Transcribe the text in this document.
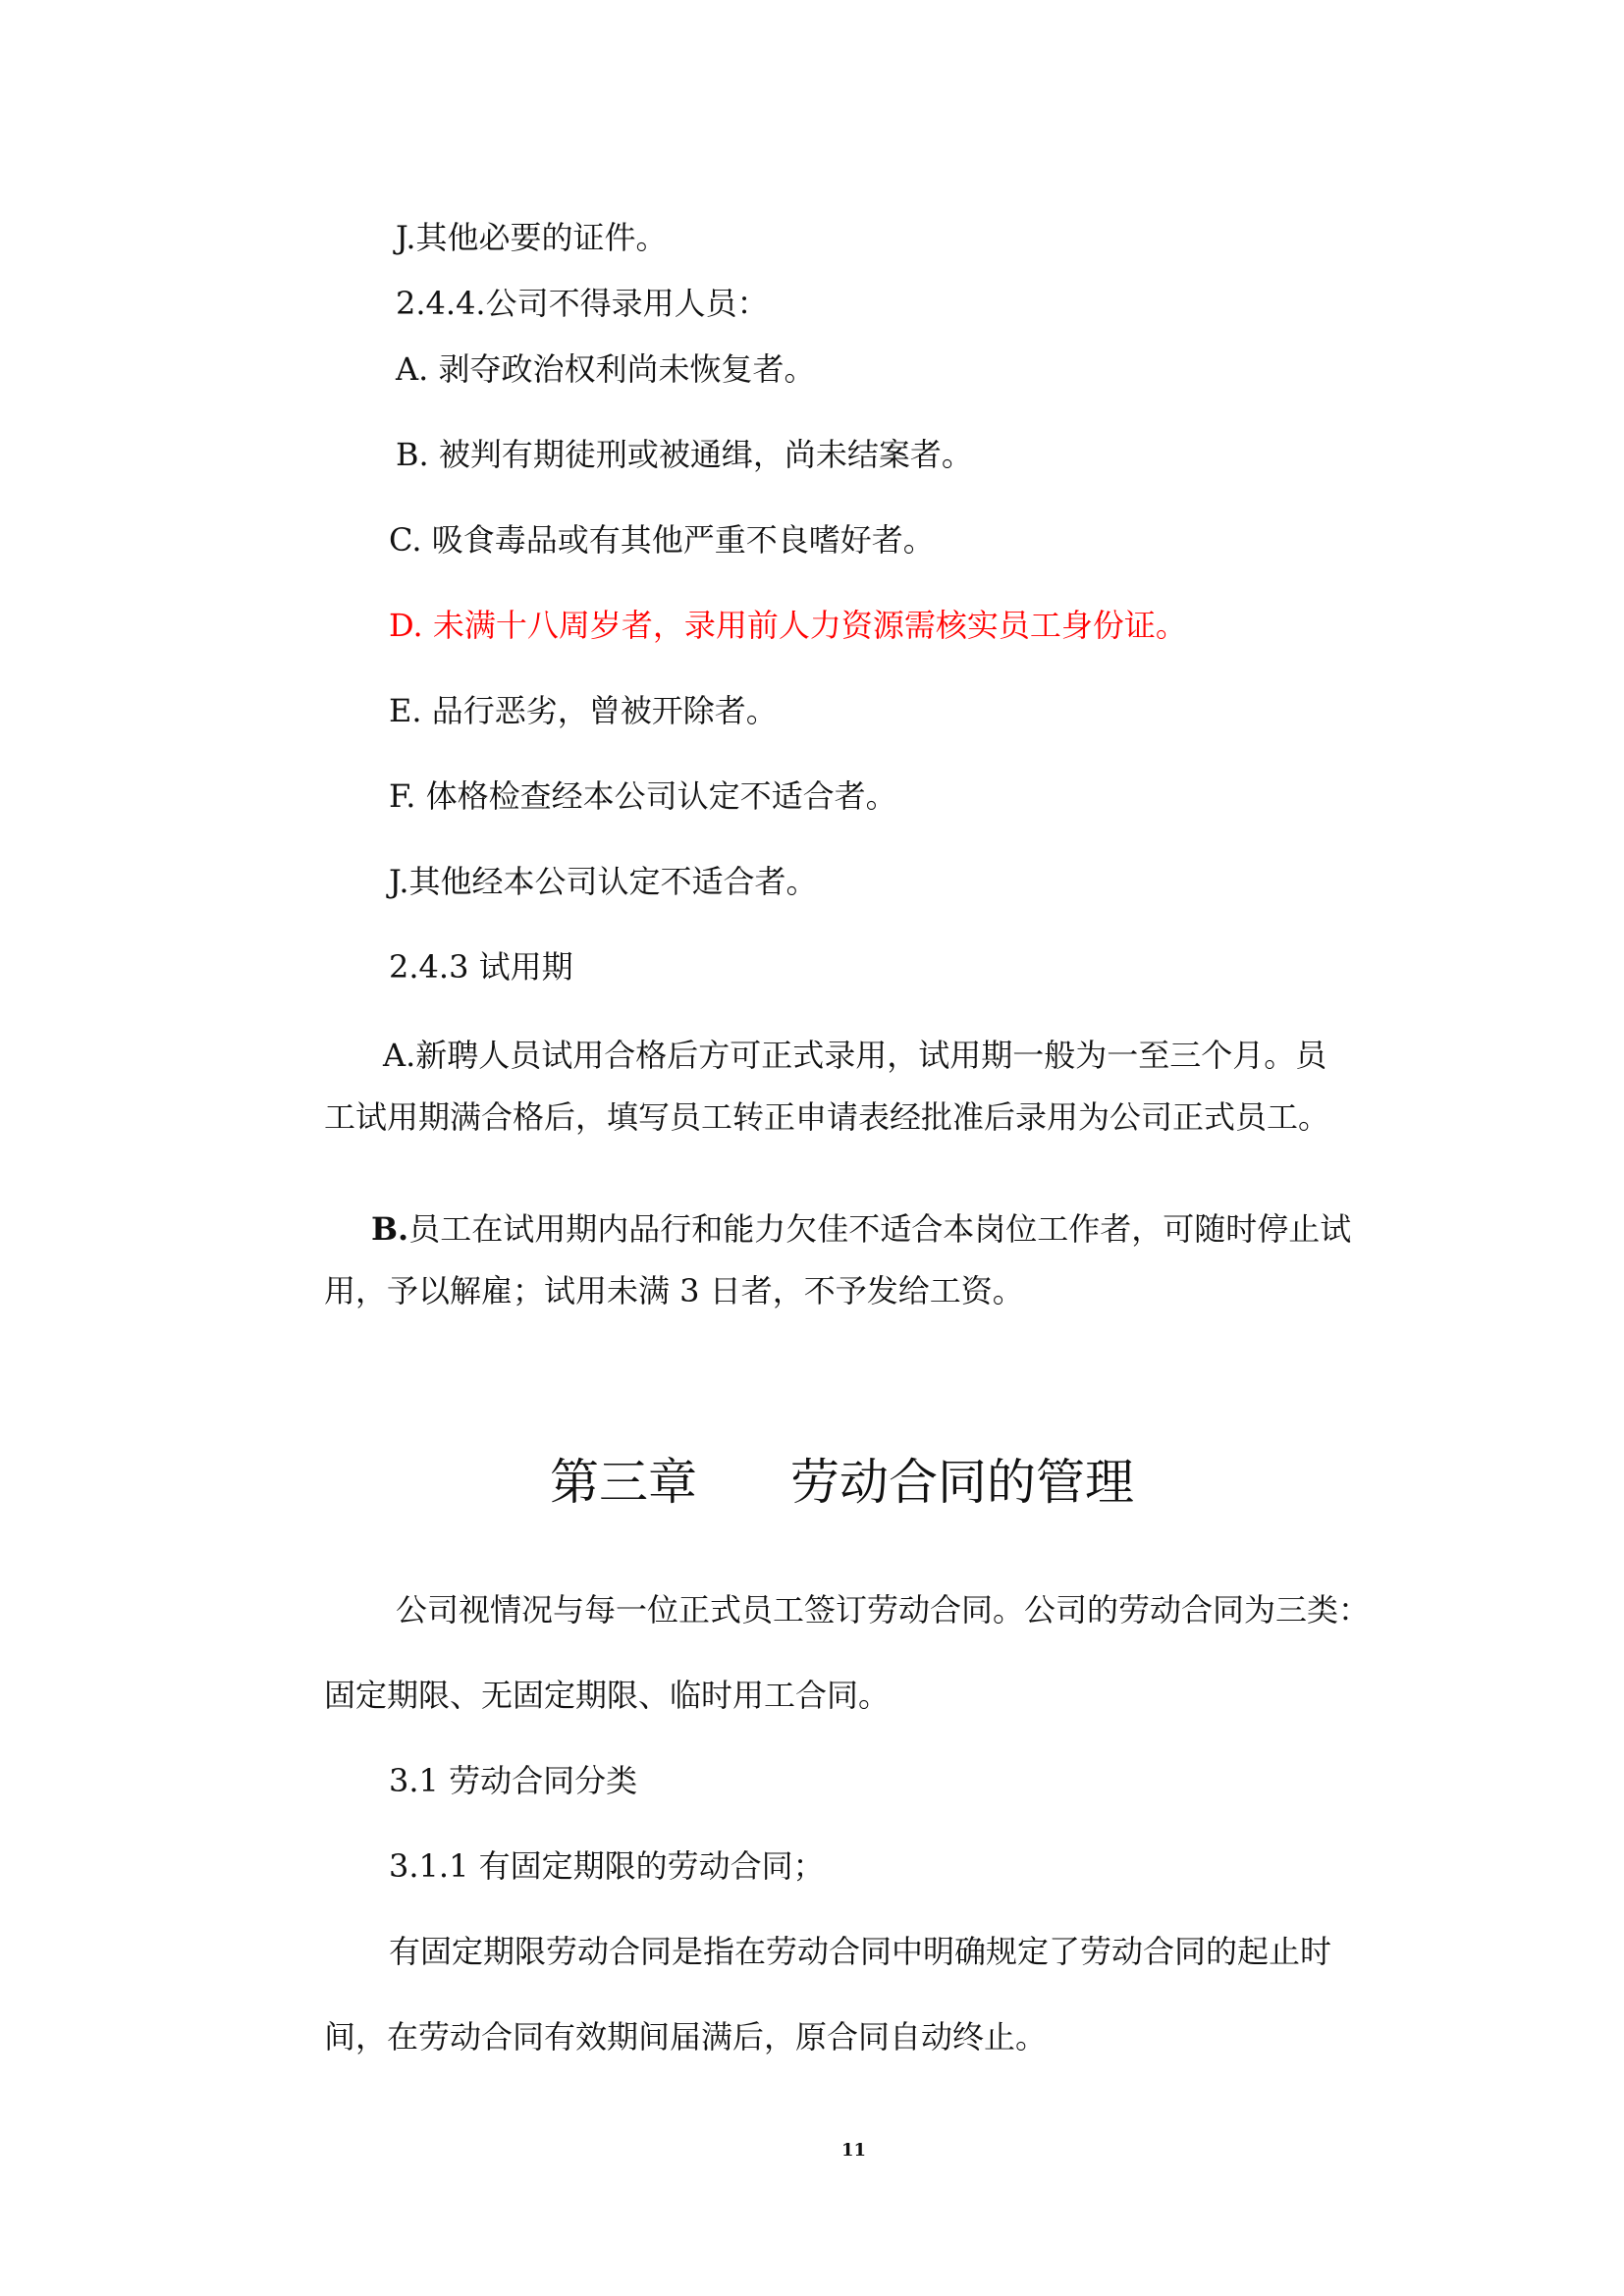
J.其他必要的证件。
2.4.4.公司不得录用人员：
A. 剥夺政治权利尚未恢复者。
B. 被判有期徒刑或被通缉，尚未结案者。
C. 吸食毒品或有其他严重不良嗜好者。
D. 未满十八周岁者，录用前人力资源需核实员工身份证。
E. 品行恶劣，曾被开除者。
F. 体格检查经本公司认定不适合者。
J.其他经本公司认定不适合者。
2.4.3 试用期
A.新聘人员试用合格后方可正式录用，试用期一般为一至三个月。员
工试用期满合格后，填写员工转正申请表经批准后录用为公司正式员工。
B.员工在试用期内品行和能力欠佳不适合本岗位工作者，可随时停止试
用，予以解雇；试用未满 3 日者，不予发给工资。
第三章 劳动合同的管理
公司视情况与每一位正式员工签订劳动合同。公司的劳动合同为三类：
固定期限、无固定期限、临时用工合同。
3.1 劳动合同分类
3.1.1 有固定期限的劳动合同；
有固定期限劳动合同是指在劳动合同中明确规定了劳动合同的起止时
间，在劳动合同有效期间届满后，原合同自动终止。
11
